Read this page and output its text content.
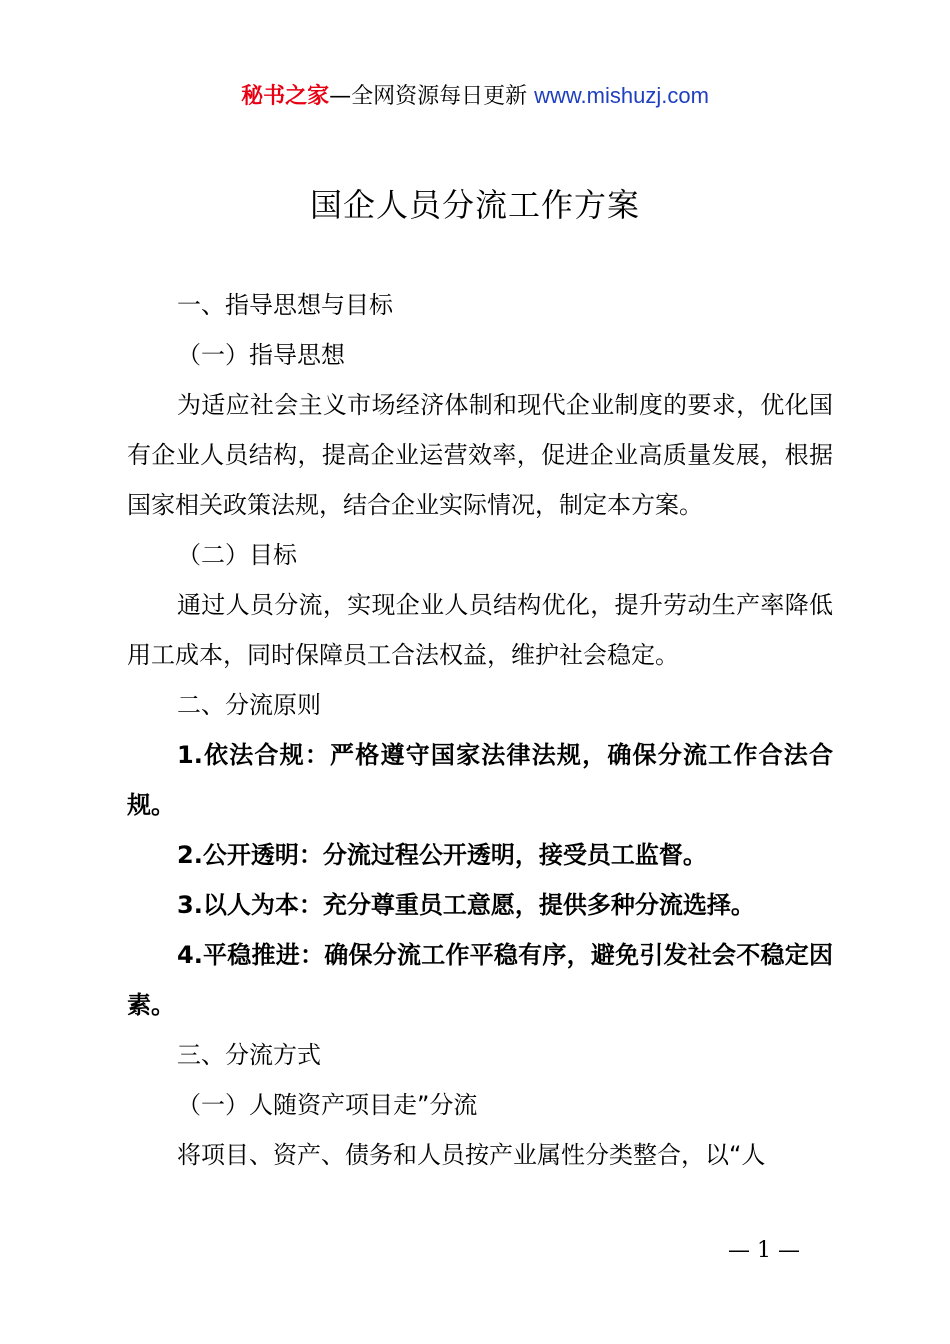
秘书之家—全网资源每日更新 www.mishuzj.com
国企人员分流工作方案

一、指导思想与目标

（一）指导思想

为适应社会主义市场经济体制和现代企业制度的要求，优化国有企业人员结构，提高企业运营效率，促进企业高质量发展，根据国家相关政策法规，结合企业实际情况，制定本方案。

（二）目标

通过人员分流，实现企业人员结构优化，提升劳动生产率降低用工成本，同时保障员工合法权益，维护社会稳定。

二、分流原则

1.依法合规：严格遵守国家法律法规，确保分流工作合法合规。

2.公开透明：分流过程公开透明，接受员工监督。

3.以人为本：充分尊重员工意愿，提供多种分流选择。

4.平稳推进：确保分流工作平稳有序，避免引发社会不稳定因素。

三、分流方式

（一）人随资产项目走”分流

将项目、资产、债务和人员按产业属性分类整合，以“人

— 1 —
